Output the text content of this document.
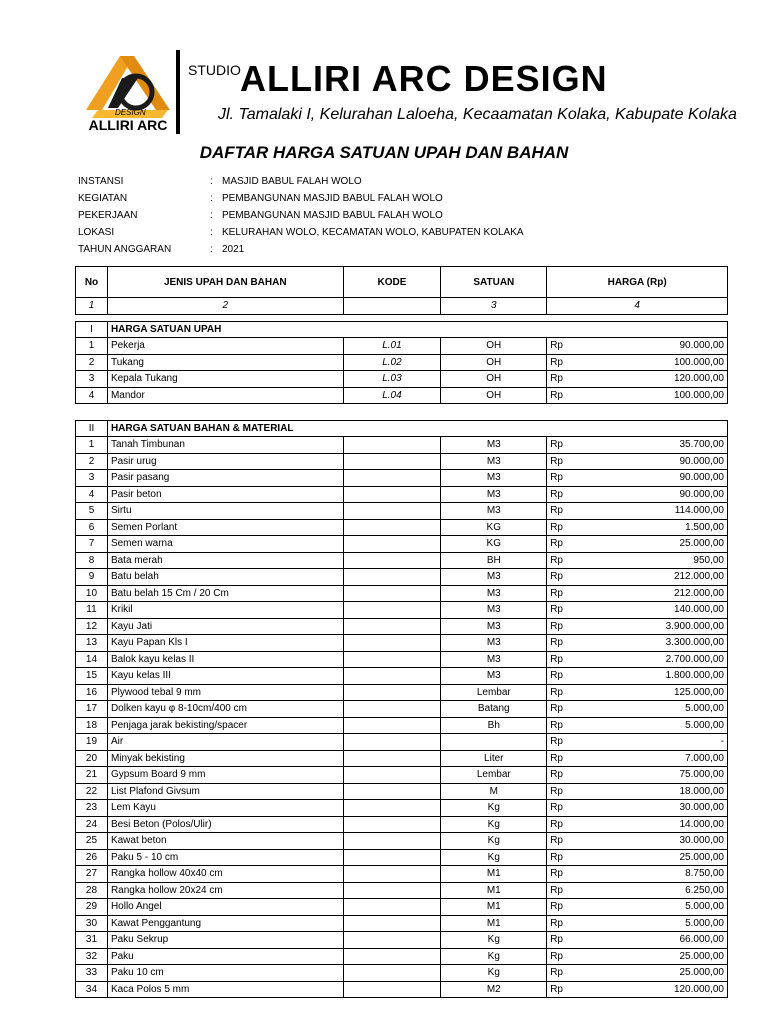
DESIGN
ALLIRI ARC
STUDIO ALLIRI ARC DESIGN
Jl. Tamalaki I, Kelurahan Laloeha, Kecaamatan Kolaka, Kabupate Kolaka
DAFTAR HARGA SATUAN UPAH DAN BAHAN
INSTANSI	: MASJID BABUL FALAH WOLO
KEGIATAN	: PEMBANGUNAN MASJID BABUL FALAH WOLO
PEKERJAAN	: PEMBANGUNAN MASJID BABUL FALAH WOLO
LOKASI	: KELURAHAN WOLO, KECAMATAN WOLO, KABUPATEN KOLAKA
TAHUN ANGGARAN	: 2021
No	JENIS UPAH DAN BAHAN	KODE	SATUAN	HARGA (Rp)
1	2		3	4
I	HARGA SATUAN UPAH				
1	Pekerja	L.01	OH	Rp	90.000,00
2	Tukang	L.02	OH	Rp	100.000,00
3	Kepala Tukang	L.03	OH	Rp	120.000,00
4	Mandor	L.04	OH	Rp	100.000,00
II	HARGA SATUAN BAHAN & MATERIAL				
1	Tanah Timbunan		M3	Rp	35.700,00
2	Pasir urug		M3	Rp	90.000,00
3	Pasir pasang		M3	Rp	90.000,00
4	Pasir beton		M3	Rp	90.000,00
5	Sirtu		M3	Rp	114.000,00
6	Semen Porlant		KG	Rp	1.500,00
7	Semen warna		KG	Rp	25.000,00
8	Bata merah		BH	Rp	950,00
9	Batu belah		M3	Rp	212.000,00
10	Batu belah 15 Cm / 20 Cm		M3	Rp	212.000,00
11	Krikil		M3	Rp	140.000,00
12	Kayu Jati		M3	Rp	3.900.000,00
13	Kayu Papan Kls I		M3	Rp	3.300.000,00
14	Balok kayu kelas II		M3	Rp	2.700.000,00
15	Kayu kelas III		M3	Rp	1.800.000,00
16	Plywood tebal 9 mm		Lembar	Rp	125.000,00
17	Dolken kayu φ 8-10cm/400 cm		Batang	Rp	5.000,00
18	Penjaga jarak bekisting/spacer		Bh	Rp	5.000,00
19	Air			Rp	-
20	Minyak bekisting		Liter	Rp	7.000,00
21	Gypsum Board 9 mm		Lembar	Rp	75.000,00
22	List Plafond Givsum		M	Rp	18.000,00
23	Lem Kayu		Kg	Rp	30.000,00
24	Besi Beton (Polos/Ulir)		Kg	Rp	14.000,00
25	Kawat beton		Kg	Rp	30.000,00
26	Paku 5 - 10 cm		Kg	Rp	25.000,00
27	Rangka hollow 40x40 cm		M1	Rp	8.750,00
28	Rangka hollow 20x24 cm		M1	Rp	6.250,00
29	Hollo Angel		M1	Rp	5.000,00
30	Kawat Penggantung		M1	Rp	5.000,00
31	Paku Sekrup		Kg	Rp	66.000,00
32	Paku		Kg	Rp	25.000,00
33	Paku 10 cm		Kg	Rp	25.000,00
34	Kaca Polos 5 mm		M2	Rp	120.000,00
